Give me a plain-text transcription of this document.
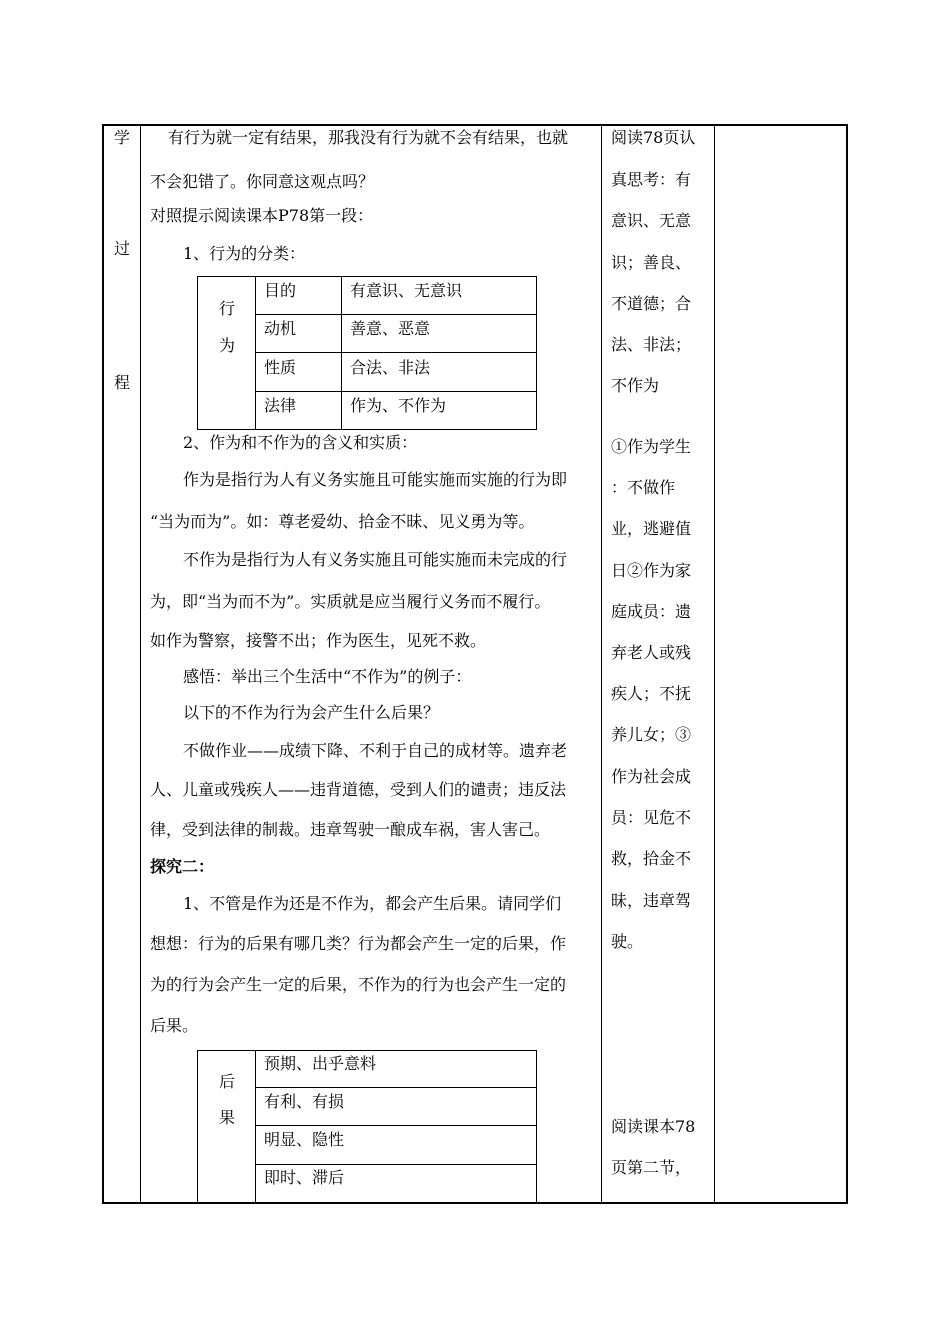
学
过
程
有行为就一定有结果，那我没有行为就不会有结果，也就
不会犯错了。你同意这观点吗？
对照提示阅读课本P78第一段：
1、行为的分类：
行
为
目的	有意识、无意识
动机	善意、恶意
性质	合法、非法
法律	作为、不作为
2、作为和不作为的含义和实质：
作为是指行为人有义务实施且可能实施而实施的行为即
“当为而为”。如：尊老爱幼、拾金不昧、见义勇为等。
不作为是指行为人有义务实施且可能实施而未完成的行
为，即“当为而不为”。实质就是应当履行义务而不履行。
如作为警察，接警不出；作为医生，见死不救。
感悟：举出三个生活中“不作为”的例子：
以下的不作为行为会产生什么后果？
不做作业——成绩下降、不利于自己的成材等。遗弃老
人、儿童或残疾人——违背道德，受到人们的谴责；违反法
律，受到法律的制裁。违章驾驶一酿成车祸，害人害己。
探究二：
1、不管是作为还是不作为，都会产生后果。请同学们
想想：行为的后果有哪几类？行为都会产生一定的后果，作
为的行为会产生一定的后果，不作为的行为也会产生一定的
后果。
后
果
预期、出乎意料
有利、有损
明显、隐性
即时、滞后
阅读78页认
真思考：有
意识、无意
识；善良、
不道德；合
法、非法；
不作为
①作为学生
：不做作
业，逃避值
日②作为家
庭成员：遗
弃老人或残
疾人；不抚
养儿女；③
作为社会成
员：见危不
救，拾金不
昧，违章驾
驶。
阅读课本78
页第二节，
